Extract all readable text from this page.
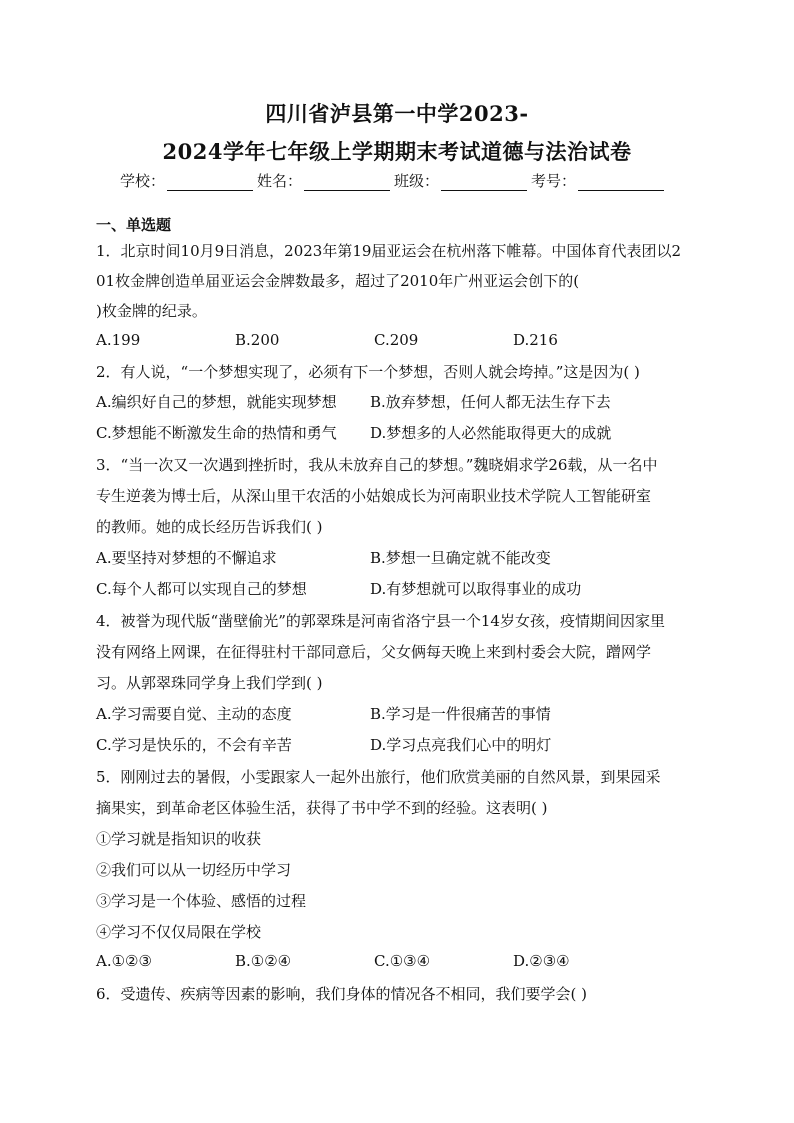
四川省泸县第一中学2023-
2024学年七年级上学期期末考试道德与法治试卷
学校：	姓名：	班级：	考号：
一、单选题
1．北京时间10月9日消息，2023年第19届亚运会在杭州落下帷幕。中国体育代表团以2
01枚金牌创造单届亚运会金牌数最多，超过了2010年广州亚运会创下的(
)枚金牌的纪录。
A.199	B.200	C.209	D.216
2．有人说，“一个梦想实现了，必须有下一个梦想，否则人就会垮掉。”这是因为( )
A.编织好自己的梦想，就能实现梦想	B.放弃梦想，任何人都无法生存下去
C.梦想能不断激发生命的热情和勇气	D.梦想多的人必然能取得更大的成就
3．“当一次又一次遇到挫折时，我从未放弃自己的梦想。”魏晓娟求学26载，从一名中
专生逆袭为博士后，从深山里干农活的小姑娘成长为河南职业技术学院人工智能研室
的教师。她的成长经历告诉我们( )
A.要坚持对梦想的不懈追求	B.梦想一旦确定就不能改变
C.每个人都可以实现自己的梦想	D.有梦想就可以取得事业的成功
4．被誉为现代版“凿壁偷光”的郭翠珠是河南省洛宁县一个14岁女孩，疫情期间因家里
没有网络上网课，在征得驻村干部同意后，父女俩每天晚上来到村委会大院，蹭网学
习。从郭翠珠同学身上我们学到( )
A.学习需要自觉、主动的态度	B.学习是一件很痛苦的事情
C.学习是快乐的，不会有辛苦	D.学习点亮我们心中的明灯
5．刚刚过去的暑假，小雯跟家人一起外出旅行，他们欣赏美丽的自然风景，到果园采
摘果实，到革命老区体验生活，获得了书中学不到的经验。这表明( )
①学习就是指知识的收获
②我们可以从一切经历中学习
③学习是一个体验、感悟的过程
④学习不仅仅局限在学校
A.①②③	B.①②④	C.①③④	D.②③④
6．受遗传、疾病等因素的影响，我们身体的情况各不相同，我们要学会( )
